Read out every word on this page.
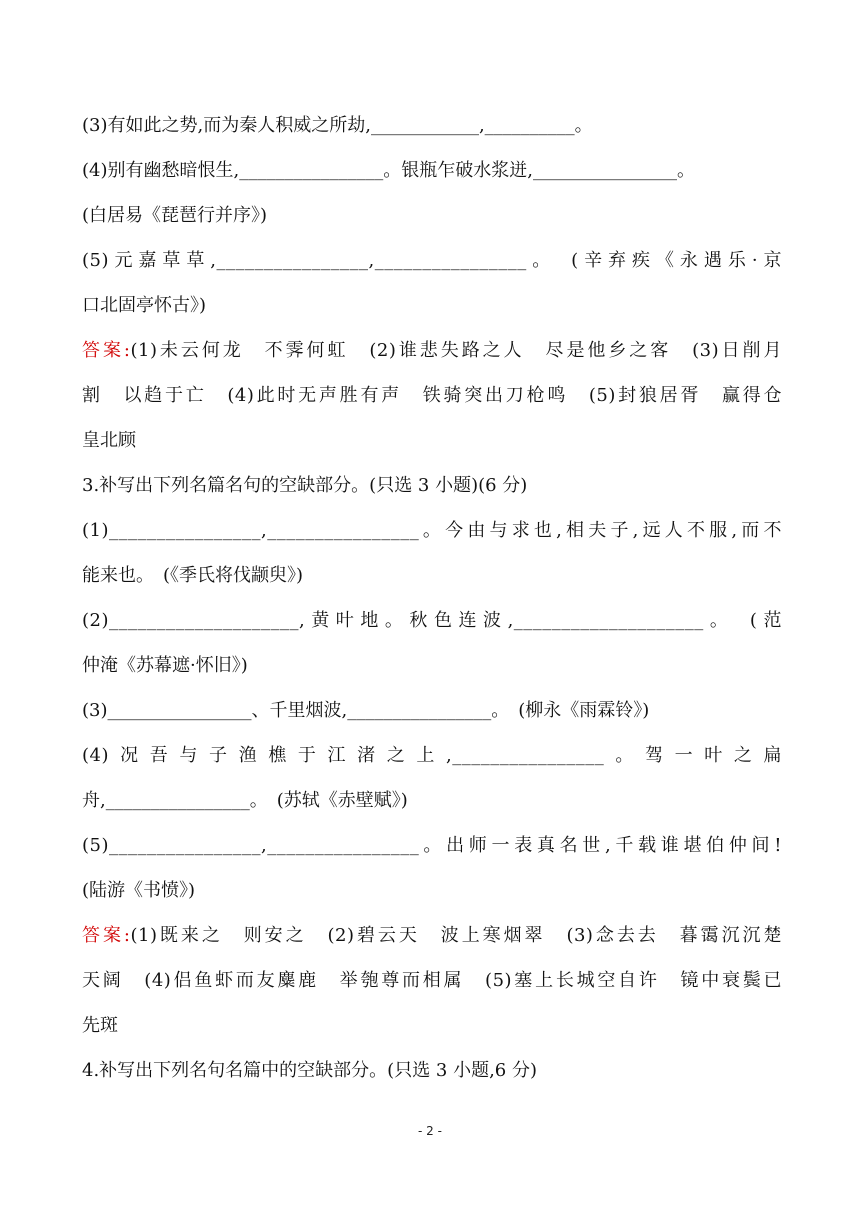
(3)有如此之势,而为秦人积威之所劫,____________,__________。
(4)别有幽愁暗恨生,________________。银瓶乍破水浆迸,________________。
(白居易《琵琶行并序》)
(5)元嘉草草,________________,________________。　(辛弃疾《永遇乐·京
口北固亭怀古》)
答案:(1)未云何龙　不霁何虹　(2)谁悲失路之人　尽是他乡之客　(3)日削月
割　以趋于亡　(4)此时无声胜有声　铁骑突出刀枪鸣　(5)封狼居胥　赢得仓
皇北顾
3.补写出下列名篇名句的空缺部分。(只选 3 小题)(6 分)
(1)________________,________________。今由与求也,相夫子,远人不服,而不
能来也。　(《季氏将伐颛臾》)
(2)____________________,黄叶地。秋色连波,____________________。　(范
仲淹《苏幕遮·怀旧》)
(3)________________、千里烟波,________________。　(柳永《雨霖铃》)
(4)况吾与子渔樵于江渚之上,________________。驾一叶之扁
舟,________________。　(苏轼《赤壁赋》)
(5)________________,________________。出师一表真名世,千载谁堪伯仲间!
(陆游《书愤》)
答案:(1)既来之　则安之　(2)碧云天　波上寒烟翠　(3)念去去　暮霭沉沉楚
天阔　(4)侣鱼虾而友麋鹿　举匏尊而相属　(5)塞上长城空自许　镜中衰鬓已
先斑
4.补写出下列名句名篇中的空缺部分。(只选 3 小题,6 分)
- 2 -
